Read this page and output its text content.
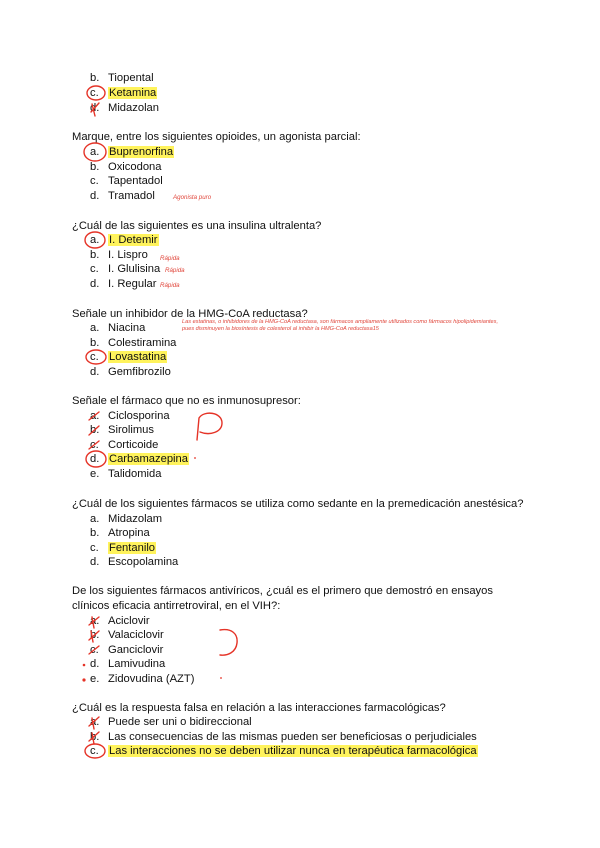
b. Tiopental
c. Ketamina
d. Midazolan
Marque, entre los siguientes opioides, un agonista parcial:
a. Buprenorfina
b. Oxicodona
c. Tapentadol
d. Tramadol	Agonista puro
¿Cuál de las siguientes es una insulina ultralenta?
a. I. Detemir
b. I. Lispro Rápida
c. I. Glulisina Rápida
d. I. Regular Rápida
Señale un inhibidor de la HMG-CoA reductasa?
Las estatinas, o inhibidores de la HMG-CoA reductasa, son fármacos ampliamente utilizados como fármacos hipolipidemiantes,
pues disminuyen la biosíntesis de colesterol al inhibir la HMG-CoA reductasa15
a. Niacina
b. Colestiramina
c. Lovastatina
d. Gemfibrozilo
Señale el fármaco que no es inmunosupresor:
a. Ciclosporina
b. Sirolimus
c. Corticoide
d. Carbamazepina
e. Talidomida
¿Cuál de los siguientes fármacos se utiliza como sedante en la premedicación anestésica?
a. Midazolam
b. Atropina
c. Fentanilo
d. Escopolamina
De los siguientes fármacos antivíricos, ¿cuál es el primero que demostró en ensayos
clínicos eficacia antirretroviral, en el VIH?:
a. Aciclovir
b. Valaciclovir
c. Ganciclovir
d. Lamivudina
e. Zidovudina (AZT)
¿Cuál es la respuesta falsa en relación a las interacciones farmacológicas?
a. Puede ser uni o bidireccional
b. Las consecuencias de las mismas pueden ser beneficiosas o perjudiciales
c. Las interacciones no se deben utilizar nunca en terapéutica farmacológica
